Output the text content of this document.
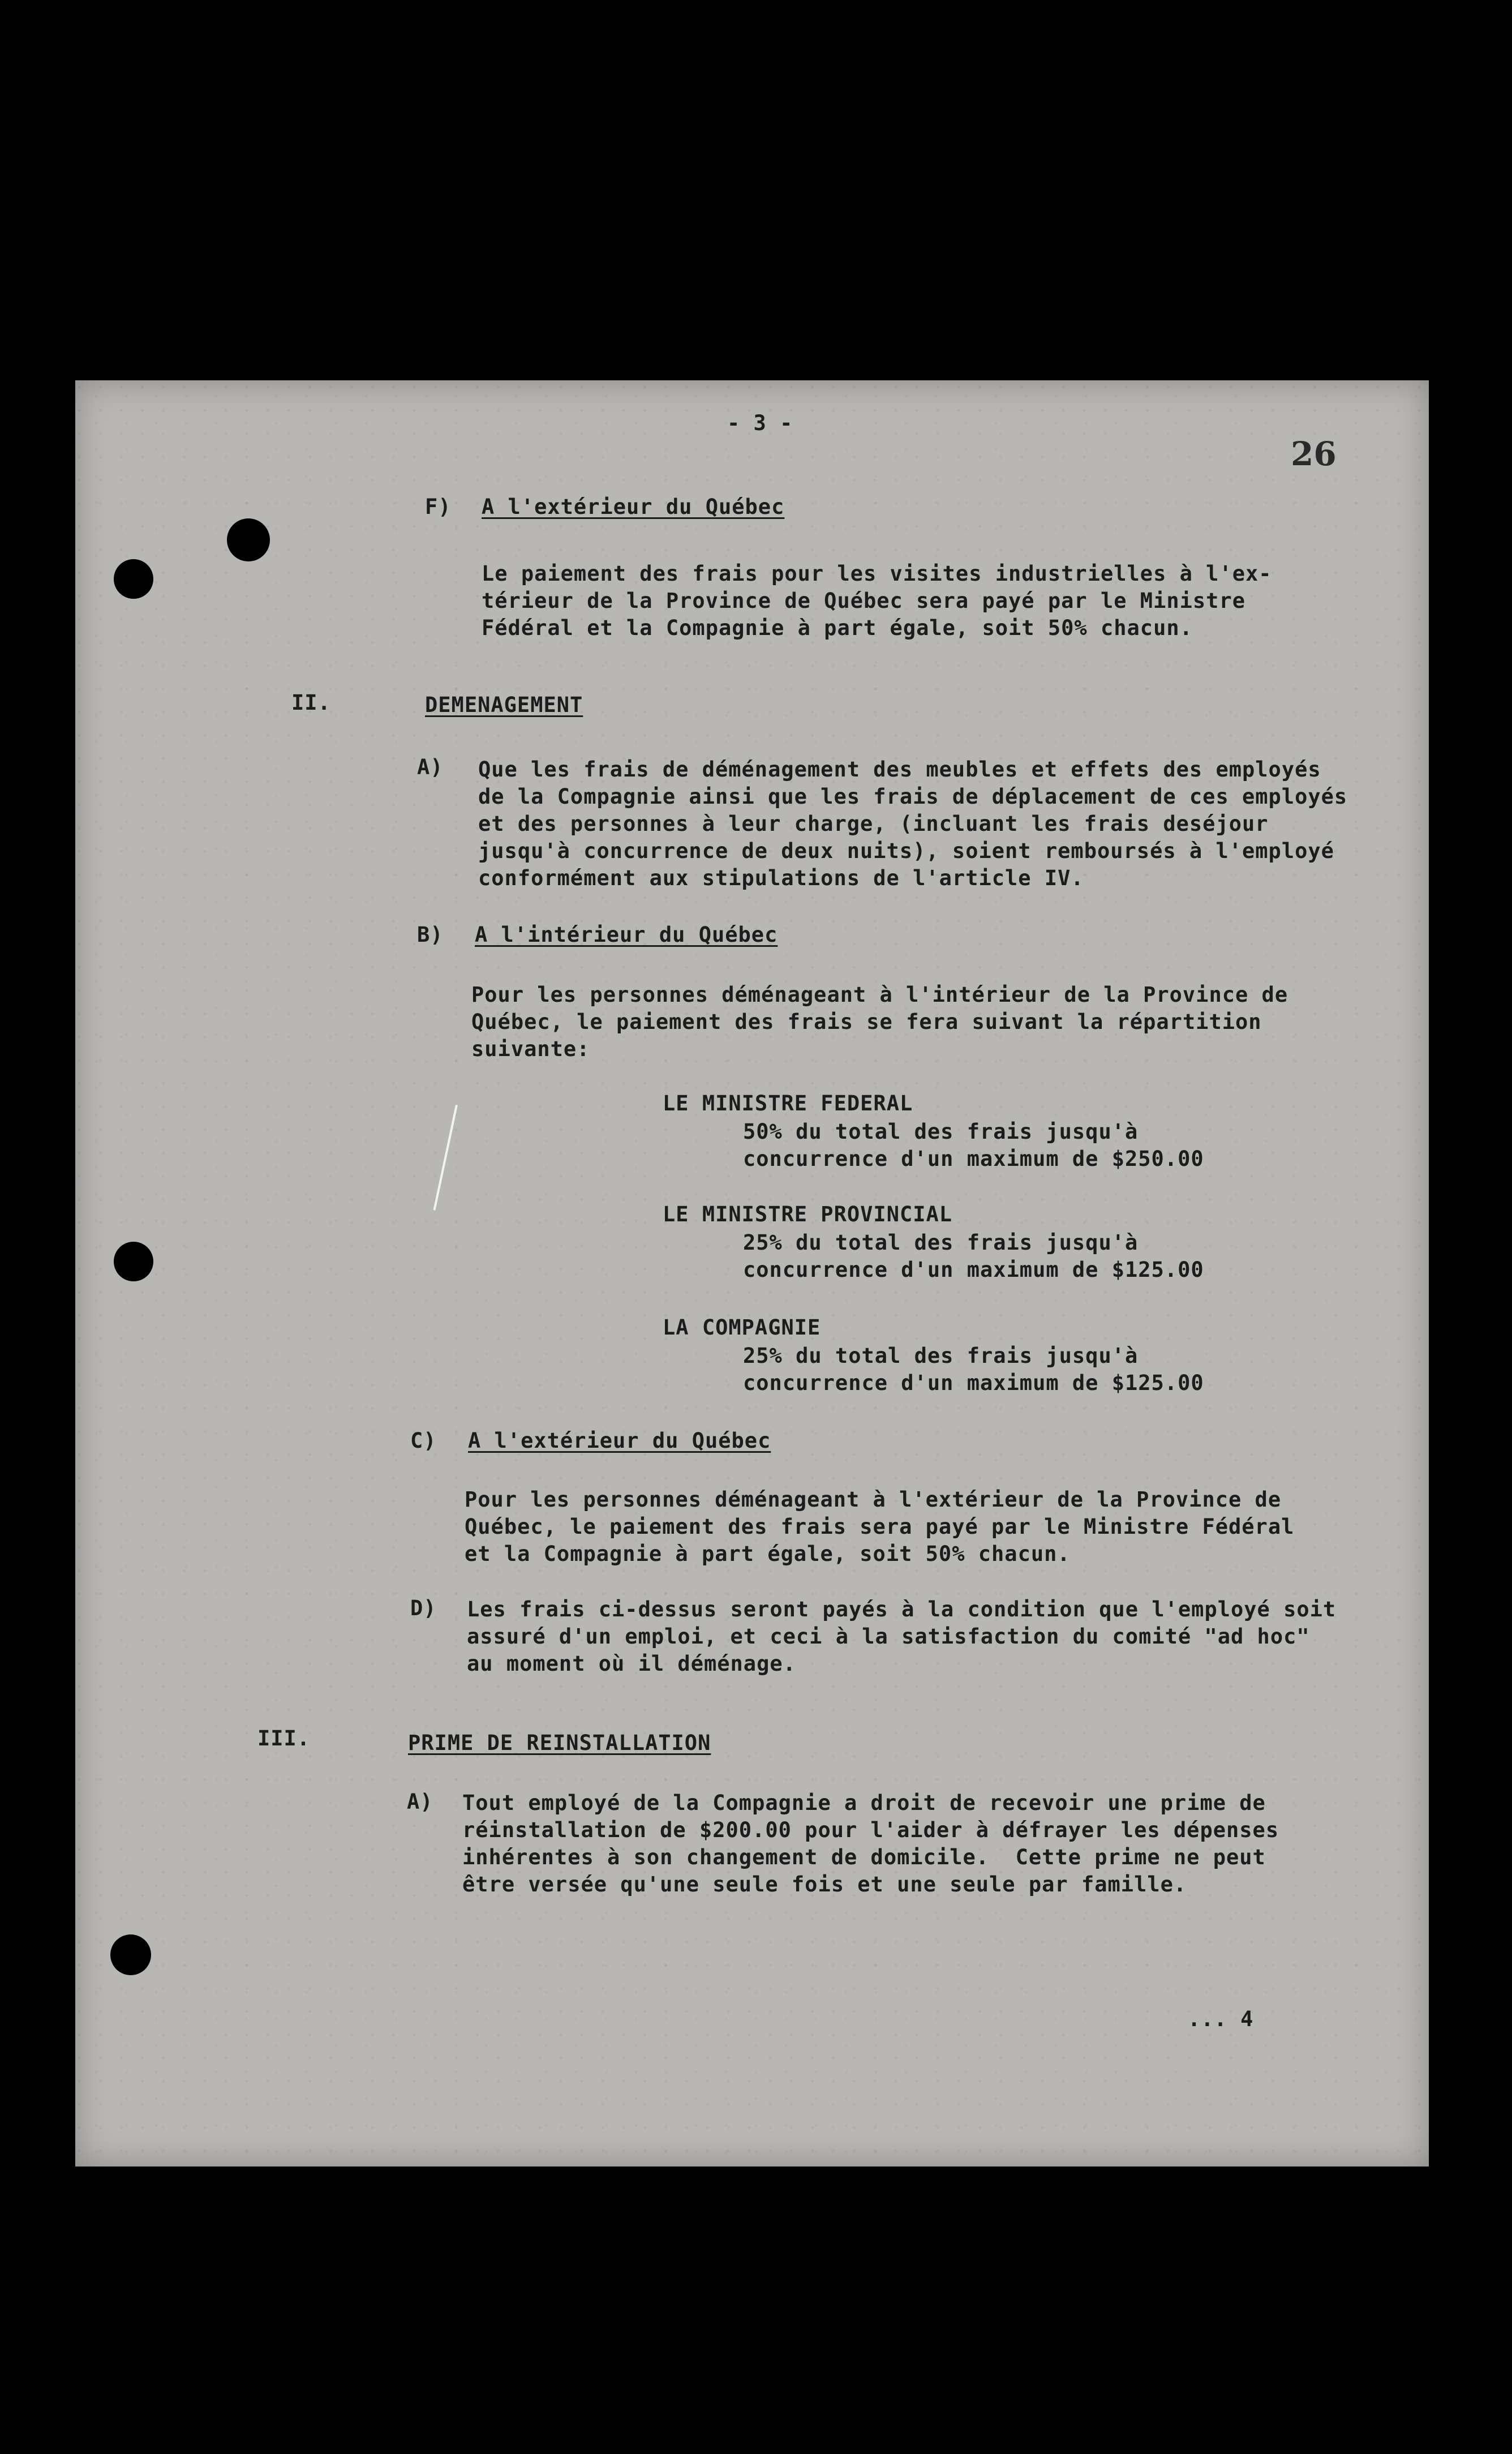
- 3 -
26
F) A l'extérieur du Québec
Le paiement des frais pour les visites industrielles à l'ex-
térieur de la Province de Québec sera payé par le Ministre
Fédéral et la Compagnie à part égale, soit 50% chacun.
II.	DEMENAGEMENT
A) Que les frais de déménagement des meubles et effets des employés
de la Compagnie ainsi que les frais de déplacement de ces employés
et des personnes à leur charge, (incluant les frais deséjour
jusqu'à concurrence de deux nuits), soient remboursés à l'employé
conformément aux stipulations de l'article IV.
B) A l'intérieur du Québec
Pour les personnes déménageant à l'intérieur de la Province de
Québec, le paiement des frais se fera suivant la répartition
suivante:
LE MINISTRE FEDERAL
50% du total des frais jusqu'à
concurrence d'un maximum de $250.00
LE MINISTRE PROVINCIAL
25% du total des frais jusqu'à
concurrence d'un maximum de $125.00
LA COMPAGNIE
25% du total des frais jusqu'à
concurrence d'un maximum de $125.00
C) A l'extérieur du Québec
Pour les personnes déménageant à l'extérieur de la Province de
Québec, le paiement des frais sera payé par le Ministre Fédéral
et la Compagnie à part égale, soit 50% chacun.
D) Les frais ci-dessus seront payés à la condition que l'employé soit
assuré d'un emploi, et ceci à la satisfaction du comité "ad hoc"
au moment où il déménage.
III.	PRIME DE REINSTALLATION
A) Tout employé de la Compagnie a droit de recevoir une prime de
réinstallation de $200.00 pour l'aider à défrayer les dépenses
inhérentes à son changement de domicile.  Cette prime ne peut
être versée qu'une seule fois et une seule par famille.
... 4
